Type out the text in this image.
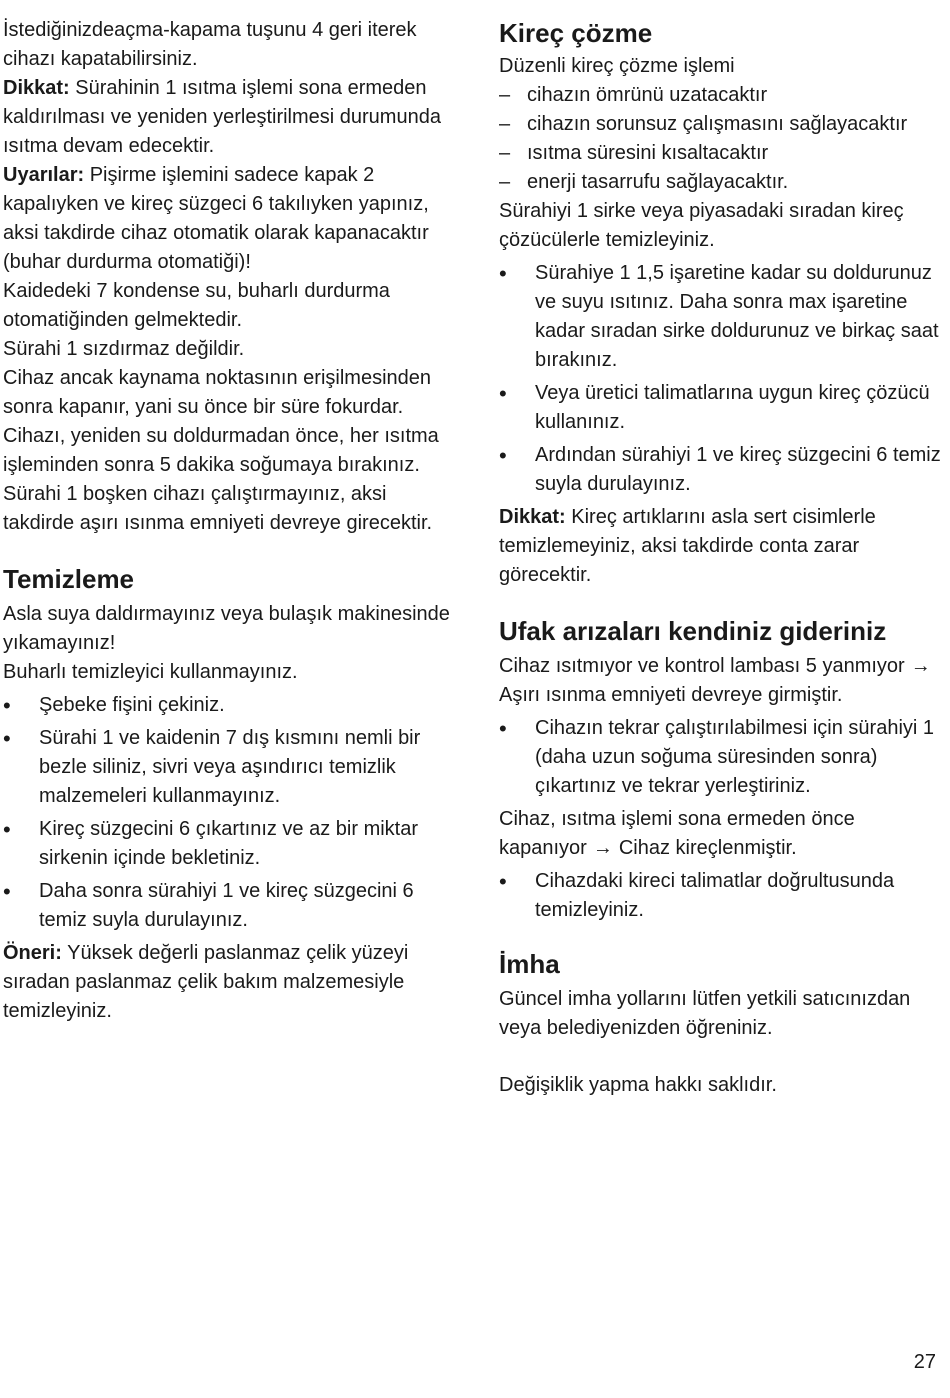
İstediğinizdeaçma-kapama tuşunu 4 geri iterek cihazı kapatabilirsiniz.

Dikkat: Sürahinin 1 ısıtma işlemi sona ermeden kaldırılması ve yeniden yerleştirilmesi durumunda ısıtma devam edecektir.

Uyarılar: Pişirme işlemini sadece kapak 2 kapalıyken ve kireç süzgeci 6 takılıyken yapınız, aksi takdirde cihaz otomatik olarak kapanacaktır (buhar durdurma otomatiği)!

Kaidedeki 7 kondense su, buharlı durdurma otomatiğinden gelmektedir.

Sürahi 1 sızdırmaz değildir.

Cihaz ancak kaynama noktasının erişilmesinden sonra kapanır, yani su önce bir süre fokurdar.

Cihazı, yeniden su doldurmadan önce, her ısıtma işleminden sonra 5 dakika soğumaya bırakınız.

Sürahi 1 boşken cihazı çalıştırmayınız, aksi takdirde aşırı ısınma emniyeti devreye girecektir.

Temizleme

Asla suya daldırmayınız veya bulaşık makinesinde yıkamayınız!

Buharlı temizleyici kullanmayınız.

• Şebeke fişini çekiniz.
• Sürahi 1 ve kaidenin 7 dış kısmını nemli bir bezle siliniz, sivri veya aşındırıcı temizlik malzemeleri kullanmayınız.
• Kireç süzgecini 6 çıkartınız ve az bir miktar sirkenin içinde bekletiniz.
• Daha sonra sürahiyi 1 ve kireç süzgecini 6 temiz suyla durulayınız.

Öneri: Yüksek değerli paslanmaz çelik yüzeyi sıradan paslanmaz çelik bakım malzemesiyle temizleyiniz.

Kireç çözme

Düzenli kireç çözme işlemi

– cihazın ömrünü uzatacaktır
– cihazın sorunsuz çalışmasını sağlayacaktır
– ısıtma süresini kısaltacaktır
– enerji tasarrufu sağlayacaktır.

Sürahiyi 1 sirke veya piyasadaki sıradan kireç çözücülerle temizleyiniz.

• Sürahiye 1 1,5 işaretine kadar su doldurunuz ve suyu ısıtınız. Daha sonra max işaretine kadar sıradan sirke doldurunuz ve birkaç saat bırakınız.
• Veya üretici talimatlarına uygun kireç çözücü kullanınız.
• Ardından sürahiyi 1 ve kireç süzgecini 6 temiz suyla durulayınız.

Dikkat: Kireç artıklarını asla sert cisimlerle temizlemeyiniz, aksi takdirde conta zarar görecektir.

Ufak arızaları kendiniz gideriniz

Cihaz ısıtmıyor ve kontrol lambası 5 yanmıyor →Aşırı ısınma emniyeti devreye girmiştir.

• Cihazın tekrar çalıştırılabilmesi için sürahiyi 1 (daha uzun soğuma süresinden sonra) çıkartınız ve tekrar yerleştiriniz.

Cihaz, ısıtma işlemi sona ermeden önce kapanıyor → Cihaz kireçlenmiştir.

• Cihazdaki kireci talimatlar doğrultusunda temizleyiniz.
İmha

Güncel imha yollarını lütfen yetkili satıcınızdan veya belediyenizden öğreniniz.

Değişiklik yapma hakkı saklıdır.

27
